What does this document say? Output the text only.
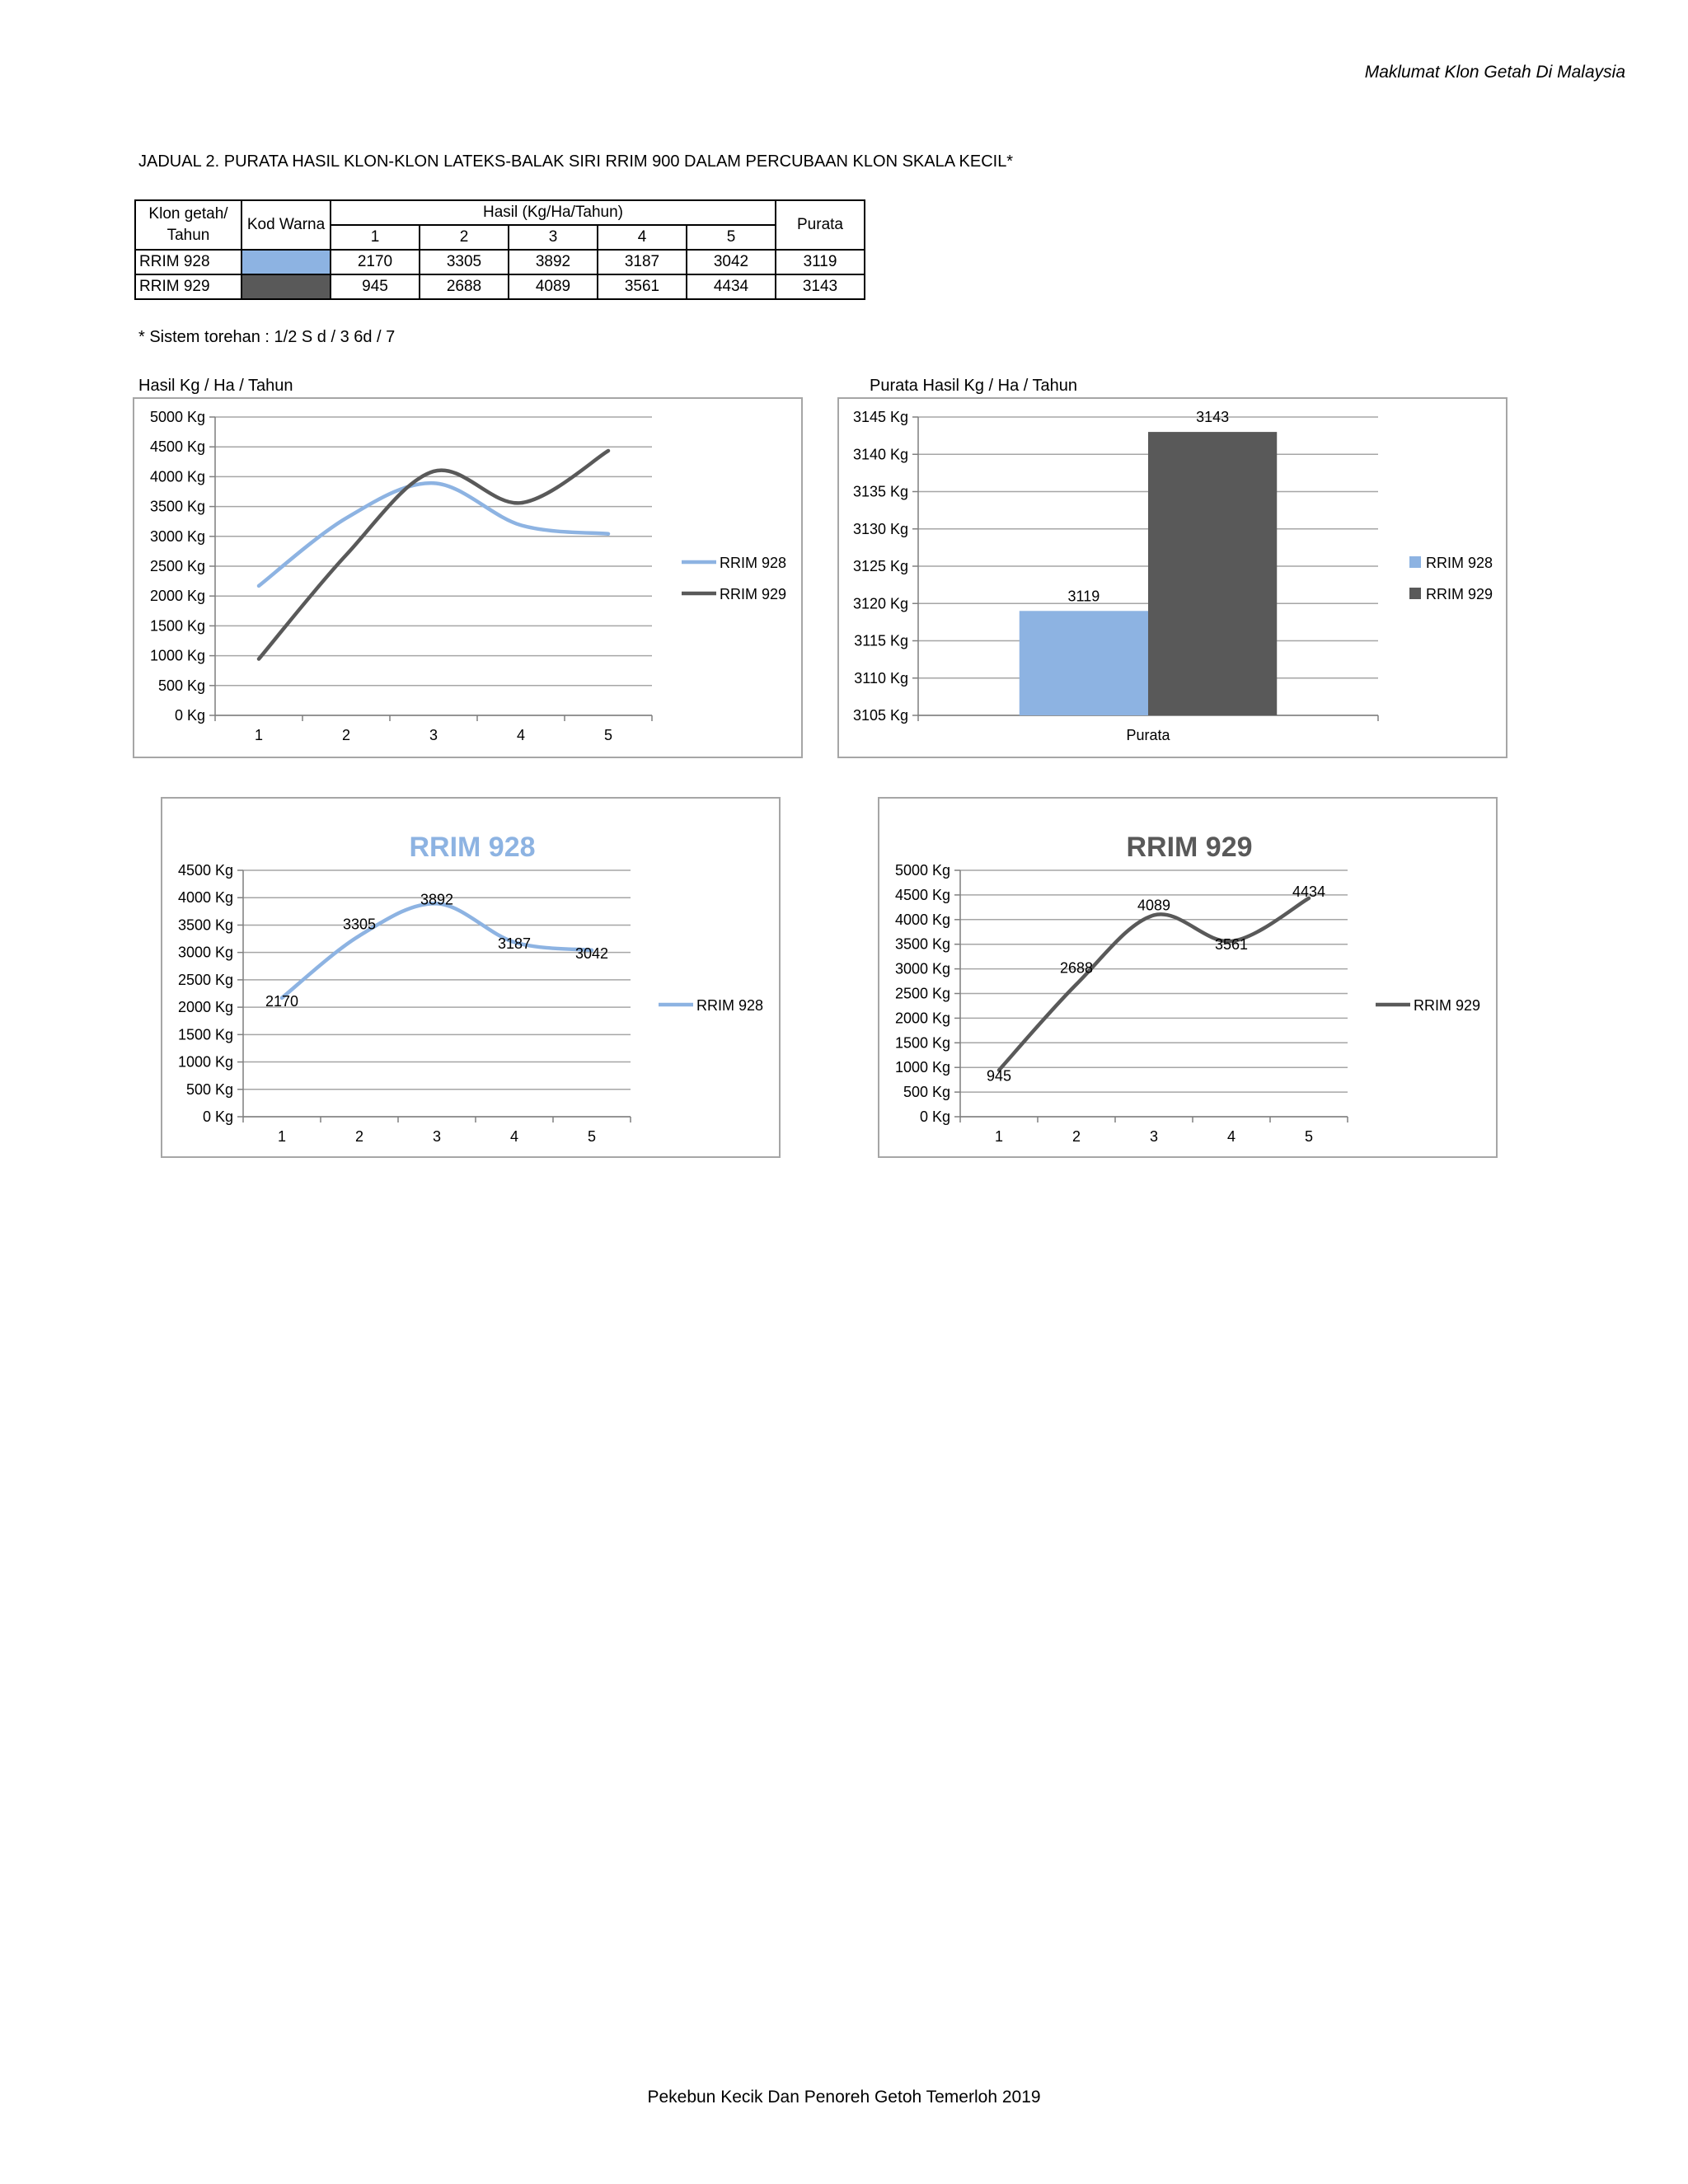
Maklumat Klon Getah Di Malaysia
JADUAL 2. PURATA HASIL KLON-KLON LATEKS-BALAK SIRI RRIM 900 DALAM PERCUBAAN KLON SKALA KECIL*
Klon getah/ Tahun	Kod Warna	Hasil (Kg/Ha/Tahun)					Purata
		1	2	3	4	5	
RRIM 928		2170	3305	3892	3187	3042	3119
RRIM 929		945	2688	4089	3561	4434	3143
* Sistem torehan : 1/2 S d / 3 6d / 7
Hasil Kg / Ha / Tahun
0 Kg
500 Kg
1000 Kg
1500 Kg
2000 Kg
2500 Kg
3000 Kg
3500 Kg
4000 Kg
4500 Kg
5000 Kg
1	2	3	4	5
RRIM 928
RRIM 929
Purata Hasil Kg / Ha / Tahun
3105 Kg
3110 Kg
3115 Kg
3120 Kg
3125 Kg
3130 Kg
3135 Kg
3140 Kg
3145 Kg
Purata
3119
3143
RRIM 928
RRIM 929
RRIM 928
0 Kg
500 Kg
1000 Kg
1500 Kg
2000 Kg
2500 Kg
3000 Kg
3500 Kg
4000 Kg
4500 Kg
1	2	3	4	5
2170
3305
3892
3187
3042
RRIM 928
RRIM 929
0 Kg
500 Kg
1000 Kg
1500 Kg
2000 Kg
2500 Kg
3000 Kg
3500 Kg
4000 Kg
4500 Kg
5000 Kg
1	2	3	4	5
945
2688
4089
3561
4434
RRIM 929
Pekebun Kecik Dan Penoreh Getoh Temerloh 2019
